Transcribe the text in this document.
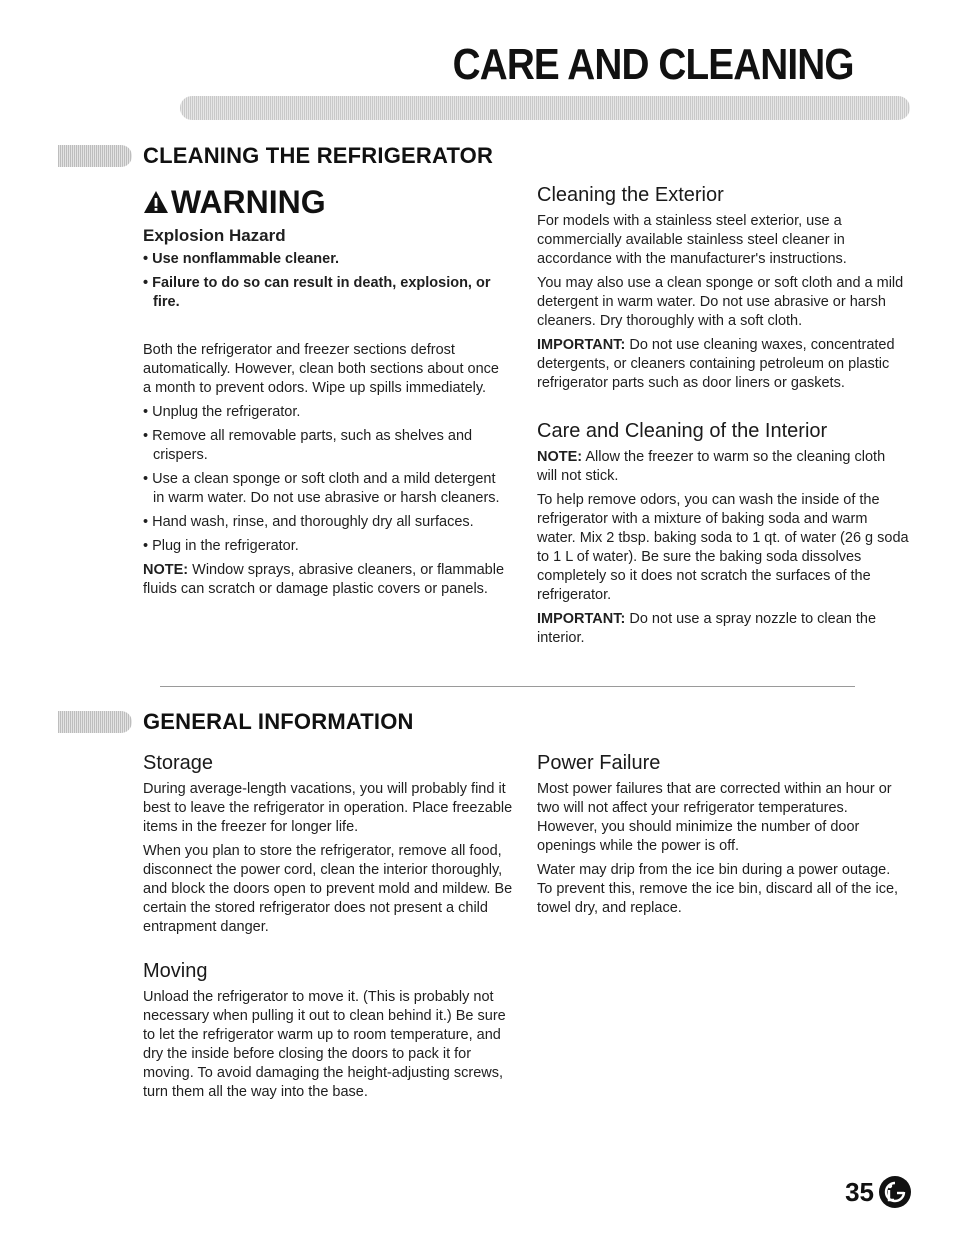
CARE AND CLEANING
CLEANING THE REFRIGERATOR
WARNING

Explosion Hazard

• Use nonflammable cleaner.

• Failure to do so can result in death, explosion, or fire.

Both the refrigerator and freezer sections defrost automatically. However, clean both sections about once a month to prevent odors. Wipe up spills immediately.

• Unplug the refrigerator.

• Remove all removable parts, such as shelves and crispers.

• Use a clean sponge or soft cloth and a mild detergent in warm water. Do not use abrasive or harsh cleaners.

• Hand wash, rinse, and thoroughly dry all surfaces.

• Plug in the refrigerator.

NOTE: Window sprays, abrasive cleaners, or flammable fluids can scratch or damage plastic covers or panels.

Cleaning the Exterior

For models with a stainless steel exterior, use a commercially available stainless steel cleaner in accordance with the manufacturer's instructions.

You may also use a clean sponge or soft cloth and a mild detergent in warm water. Do not use abrasive or harsh cleaners. Dry thoroughly with a soft cloth.

IMPORTANT: Do not use cleaning waxes, concentrated detergents, or cleaners containing petroleum on plastic refrigerator parts such as door liners or gaskets.

Care and Cleaning of the Interior

NOTE: Allow the freezer to warm so the cleaning cloth will not stick.

To help remove odors, you can wash the inside of the refrigerator with a mixture of baking soda and warm water. Mix 2 tbsp. baking soda to 1 qt. of water (26 g soda to 1 L of water). Be sure the baking soda dissolves completely so it does not scratch the surfaces of the refrigerator.

IMPORTANT: Do not use a spray nozzle to clean the interior.

GENERAL INFORMATION

Storage

During average-length vacations, you will probably find it best to leave the refrigerator in operation. Place freezable items in the freezer for longer life.

When you plan to store the refrigerator, remove all food, disconnect the power cord, clean the interior thoroughly, and block the doors open to prevent mold and mildew. Be certain the stored refrigerator does not present a child entrapment danger.

Moving

Unload the refrigerator to move it. (This is probably not necessary when pulling it out to clean behind it.) Be sure to let the refrigerator warm up to room temperature, and dry the inside before closing the doors to pack it for moving. To avoid damaging the height-adjusting screws, turn them all the way into the base.

Power Failure

Most power failures that are corrected within an hour or two will not affect your refrigerator temperatures. However, you should minimize the number of door openings while the power is off.

Water may drip from the ice bin during a power outage. To prevent this, remove the ice bin, discard all of the ice, towel dry, and replace.

35
